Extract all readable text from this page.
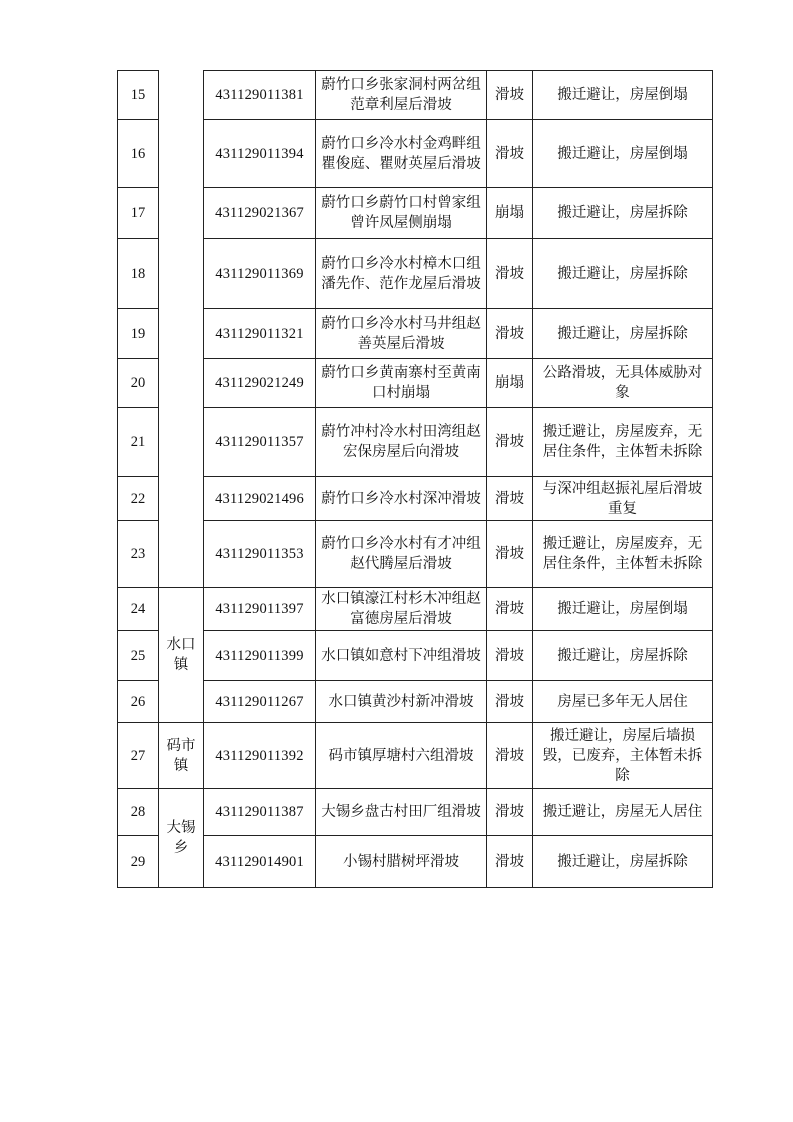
15		431129011381	蔚竹口乡张家洞村两岔组范章利屋后滑坡	滑坡	搬迁避让，房屋倒塌
16		431129011394	蔚竹口乡冷水村金鸡畔组瞿俊庭、瞿财英屋后滑坡	滑坡	搬迁避让，房屋倒塌
17		431129021367	蔚竹口乡蔚竹口村曾家组曾许凤屋侧崩塌	崩塌	搬迁避让，房屋拆除
18		431129011369	蔚竹口乡冷水村樟木口组潘先作、范作龙屋后滑坡	滑坡	搬迁避让，房屋拆除
19		431129011321	蔚竹口乡冷水村马井组赵善英屋后滑坡	滑坡	搬迁避让，房屋拆除
20		431129021249	蔚竹口乡黄南寨村至黄南口村崩塌	崩塌	公路滑坡，无具体威胁对象
21		431129011357	蔚竹冲村冷水村田湾组赵宏保房屋后向滑坡	滑坡	搬迁避让，房屋废弃，无居住条件，主体暂未拆除
22		431129021496	蔚竹口乡冷水村深冲滑坡	滑坡	与深冲组赵振礼屋后滑坡重复
23		431129011353	蔚竹口乡冷水村有才冲组赵代腾屋后滑坡	滑坡	搬迁避让，房屋废弃，无居住条件，主体暂未拆除
24	水口镇	431129011397	水口镇濠江村杉木冲组赵富德房屋后滑坡	滑坡	搬迁避让，房屋倒塌
25		431129011399	水口镇如意村下冲组滑坡	滑坡	搬迁避让，房屋拆除
26		431129011267	水口镇黄沙村新冲滑坡	滑坡	房屋已多年无人居住
27	码市镇	431129011392	码市镇厚塘村六组滑坡	滑坡	搬迁避让，房屋后墙损毁，已废弃，主体暂未拆除
28	大锡乡	431129011387	大锡乡盘古村田厂组滑坡	滑坡	搬迁避让，房屋无人居住
29		431129014901	小锡村腊树坪滑坡	滑坡	搬迁避让，房屋拆除
